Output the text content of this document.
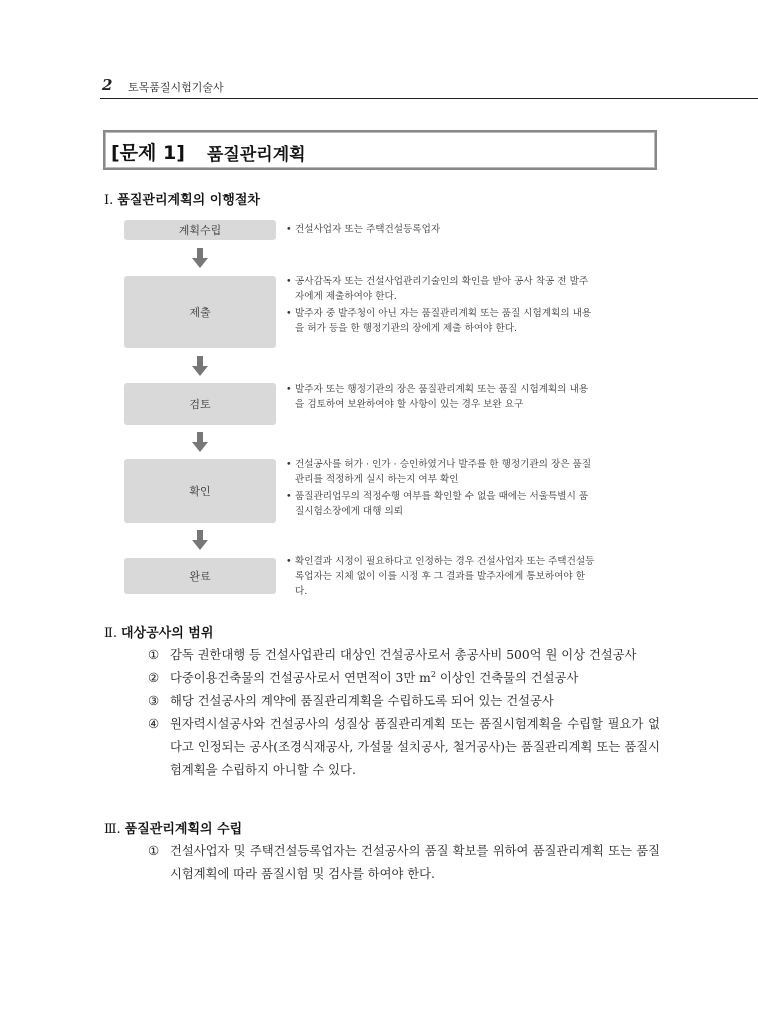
2 토목품질시험기술사
[문제 1] 품질관리계획
Ⅰ. 품질관리계획의 이행절차
계획수립
•	건설사업자 또는 주택건설등록업자
제출
• 공사감독자 또는 건설사업관리기술인의 확인을 받아 공사 착공 전 발주자에게 제출하여야 한다.
• 발주자 중 발주청이 아닌 자는 품질관리계획 또는 품질 시험계획의 내용을 허가 등을 한 행정기관의 장에게 제출 하여야 한다.
검토
• 발주자 또는 행정기관의 장은 품질관리계획 또는 품질 시험계획의 내용을 검토하여 보완하여야 할 사항이 있는 경우 보완 요구
확인
• 건설공사를 허가 · 인가 · 승인하였거나 발주를 한 행정기관의 장은 품질관리를 적정하게 실시 하는지 여부 확인
• 품질관리업무의 적정수행 여부를 확인할 수 없을 때에는 서울특별시 품질시험소장에게 대행 의뢰
완료
• 확인결과 시정이 필요하다고 인정하는 경우 건설사업자 또는 주택건설등록업자는 지체 없이 이를 시정 후 그 결과를 발주자에게 통보하여야 한다.
Ⅱ. 대상공사의 범위
① 감독 권한대행 등 건설사업관리 대상인 건설공사로서 총공사비 500억 원 이상 건설공사
② 다중이용건축물의 건설공사로서 연면적이 3만 $m^2$ 이상인 건축물의 건설공사
③ 해당 건설공사의 계약에 품질관리계획을 수립하도록 되어 있는 건설공사
④ 원자력시설공사와 건설공사의 성질상 품질관리계획 또는 품질시험계획을 수립할 필요가 없다고 인정되는 공사(조경식재공사, 가설물 설치공사, 철거공사)는 품질관리계획 또는 품질시험계획을 수립하지 아니할 수 있다.
Ⅲ. 품질관리계획의 수립
① 건설사업자 및 주택건설등록업자는 건설공사의 품질 확보를 위하여 품질관리계획 또는 품질시험계획에 따라 품질시험 및 검사를 하여야 한다.
